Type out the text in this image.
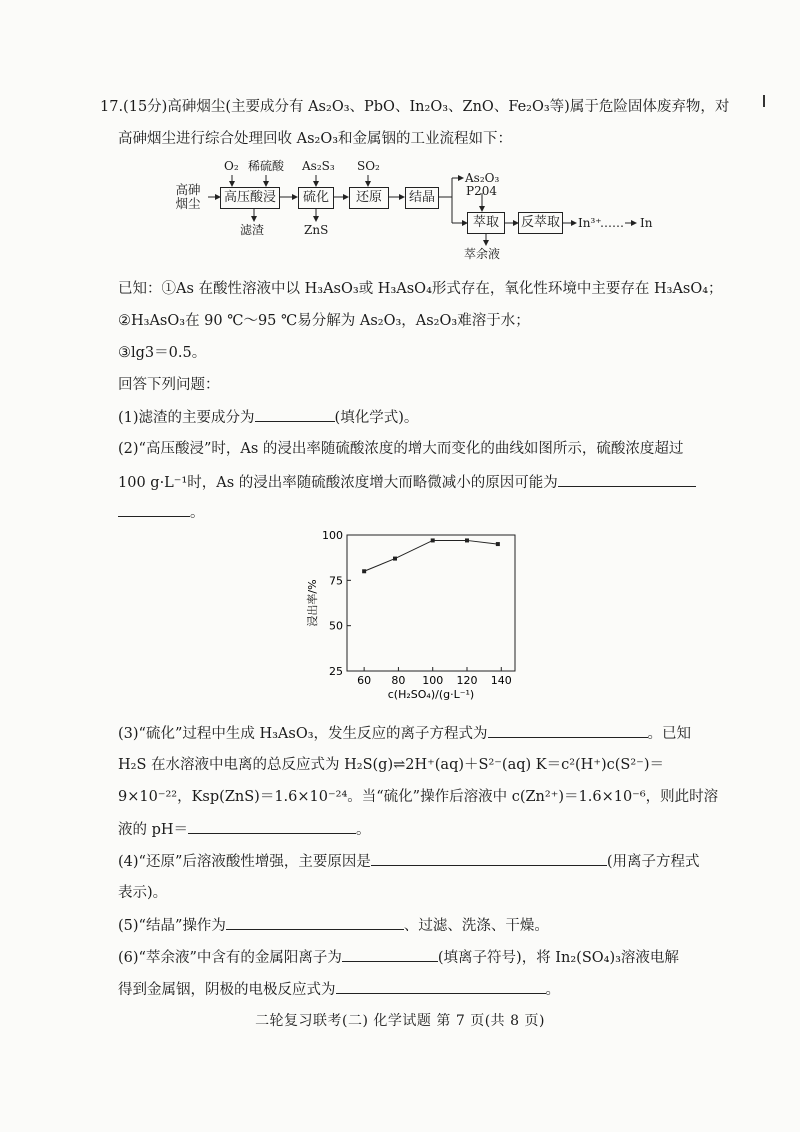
17.(15分)高砷烟尘(主要成分有 As₂O₃、PbO、In₂O₃、ZnO、Fe₂O₃等)属于危险固体废弃物，对
高砷烟尘进行综合处理回收 As₂O₃和金属铟的工业流程如下：
高砷烟尘	高压酸浸	硫化	还原	结晶
萃取	反萃取
O₂ 稀硫酸 As₂S₃ SO₂
滤渣	ZnS
As₂O₃
P204
萃余液
In³⁺
…… In
已知：①As 在酸性溶液中以 H₃AsO₃或 H₃AsO₄形式存在，氧化性环境中主要存在 H₃AsO₄；
②H₃AsO₃在 90 ℃～95 ℃易分解为 As₂O₃，As₂O₃难溶于水；
③lg3＝0.5。
回答下列问题：
(1)滤渣的主要成分为	(填化学式)。
(2)“高压酸浸”时，As 的浸出率随硫酸浓度的增大而变化的曲线如图所示，硫酸浓度超过
100 g·L⁻¹时，As 的浸出率随硫酸浓度增大而略微减小的原因可能为
。
25
50
75
100
60 80 100 120 140
c(H₂SO₄)/(g·L⁻¹)
浸出率/%
(3)“硫化”过程中生成 H₃AsO₃，发生反应的离子方程式为	。已知
H₂S 在水溶液中电离的总反应式为 H₂S(g)⇌2H⁺(aq)＋S²⁻(aq) K＝c²(H⁺)c(S²⁻)＝
9×10⁻²²，Ksp(ZnS)＝1.6×10⁻²⁴。当“硫化”操作后溶液中 c(Zn²⁺)＝1.6×10⁻⁶，则此时溶
液的 pH＝	。
(4)“还原”后溶液酸性增强，主要原因是	(用离子方程式
表示)。
(5)“结晶”操作为	、过滤、洗涤、干燥。
(6)“萃余液”中含有的金属阳离子为	(填离子符号)，将 In₂(SO₄)₃溶液电解
得到金属铟，阴极的电极反应式为	。
二轮复习联考(二) 化学试题 第 7 页(共 8 页)
